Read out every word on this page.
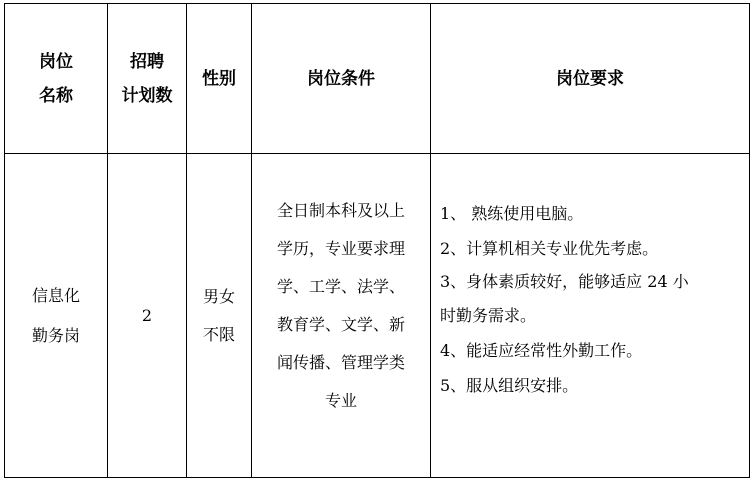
岗位
名称
招聘
计划数
性别	岗位条件	岗位要求
信息化
勤务岗
2
男女
不限
全日制本科及以上
学历，专业要求理
学、工学、法学、
教育学、文学、新
闻传播、管理学类
专业
1、 熟练使用电脑。
2、计算机相关专业优先考虑。
3、身体素质较好，能够适应 24 小
时勤务需求。
4、能适应经常性外勤工作。
5、服从组织安排。
